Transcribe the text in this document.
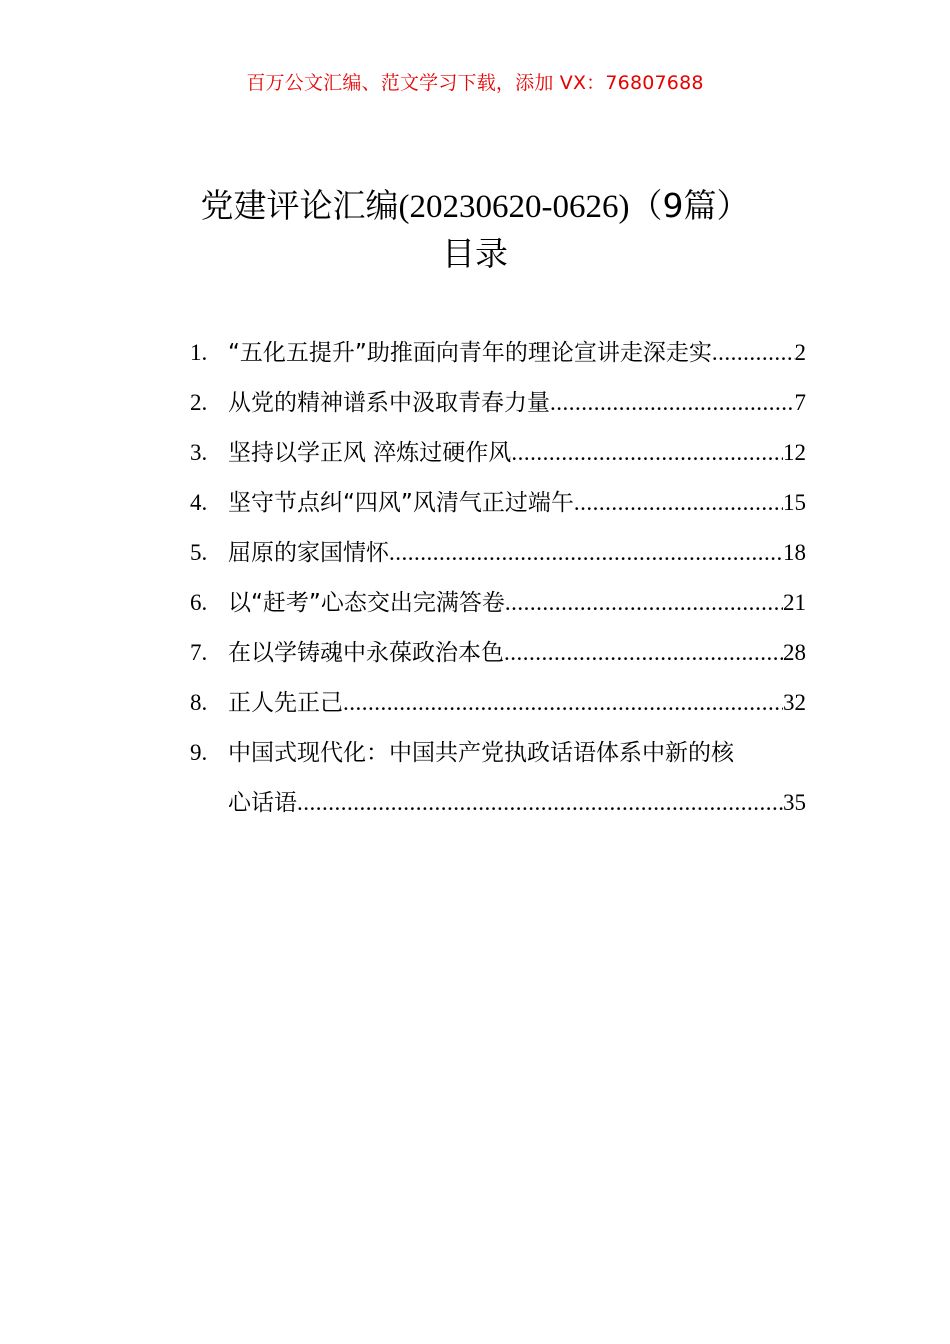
百万公文汇编、范文学习下载，添加 VX：76807688
党建评论汇编(20230620-0626)（9篇）
目录
1. “五化五提升”助推面向青年的理论宣讲走深走实 .....	2
2. 从党的精神谱系中汲取青春力量 .....	7
3. 坚持以学正风 淬炼过硬作风 .....	12
4. 坚守节点纠“四风”风清气正过端午 .....	15
5. 屈原的家国情怀 .....	18
6. 以“赶考”心态交出完满答卷 .....	21
7. 在以学铸魂中永葆政治本色 .....	28
8. 正人先正己 .....	32
9. 中国式现代化：中国共产党执政话语体系中新的核
心话语 .....	35
